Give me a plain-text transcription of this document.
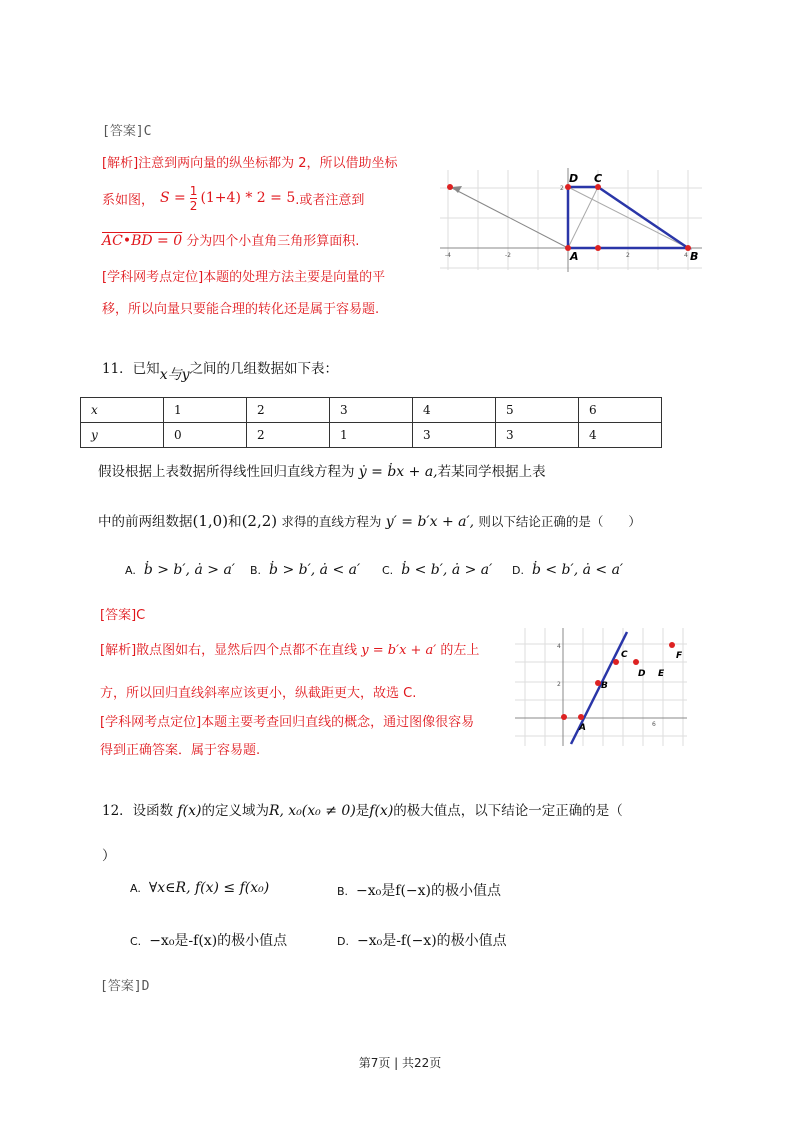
[答案]C
[解析]注意到两向量的纵坐标都为 2，所以借助坐标
系如图， $S = \frac{1}{2} (1+4) * 2 = 5$ .或者注意到
AC•BD = 0 分为四个小直角三角形算面积.
[学科网考点定位]本题的处理方法主要是向量的平
移，所以向量只要能合理的转化还是属于容易题.
D C
A	B
-4	-2	2	4
2
11．已知x与y之间的几组数据如下表：
x	1	2	3	4	5	6
y	0	2	1	3	3	4
假设根据上表数据所得线性回归直线方程为 ẏ = ḃx + a,若某同学根据上表
中的前两组数据(1,0)和(2,2) 求得的直线方程为 y′ = b′x + a′, 则以下结论正确的是（　　）
A. ḃ > b′, ȧ > a′ B. ḃ > b′, ȧ < a′ C. ḃ < b′, ȧ > a′ D. ḃ < b′, ȧ < a′
[答案]C
[解析]散点图如右，显然后四个点都不在直线 y = b′x + a′ 的左上
方，所以回归直线斜率应该更小，纵截距更大，故选 C.
[学科网考点定位]本题主要考查回归直线的概念，通过图像很容易
得到正确答案．属于容易题.
A
B
C
D E
F
4
2
6
12．设函数 f(x)的定义域为R, x₀(x₀ ≠ 0)是f(x)的极大值点，以下结论一定正确的是（
）
A. ∀x∈R, f(x) ≤ f(x₀)	B. −x₀是f(−x)的极小值点
C. −x₀是-f(x)的极小值点	D. −x₀是-f(−x)的极小值点
[答案]D
第7页 | 共22页
